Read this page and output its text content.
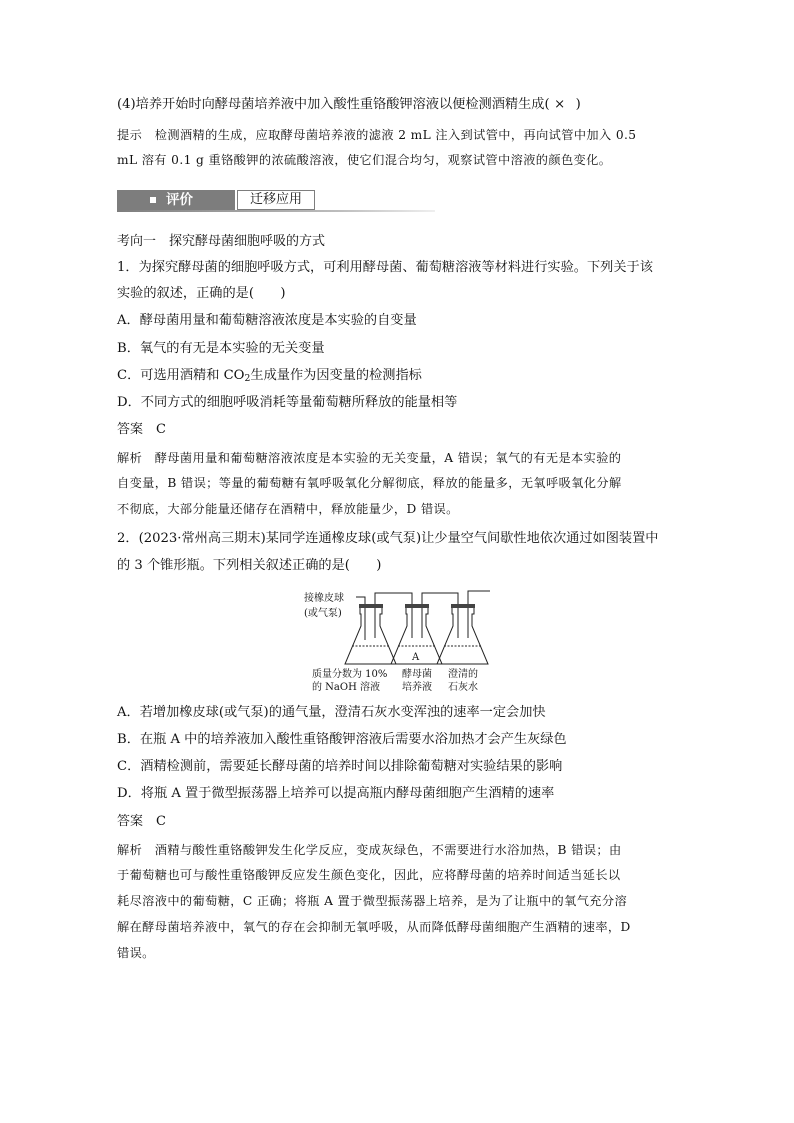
(4)培养开始时向酵母菌培养液中加入酸性重铬酸钾溶液以便检测酒精生成( × )
提示　 检测酒精的生成，应取酵母菌培养液的滤液 2 mL 注入到试管中，再向试管中加入 0.5
mL 溶有 0.1 g 重铬酸钾的浓硫酸溶液，使它们混合均匀，观察试管中溶液的颜色变化。
评价	迁移应用
考向一　探究酵母菌细胞呼吸的方式
1．为探究酵母菌的细胞呼吸方式，可利用酵母菌、葡萄糖溶液等材料进行实验。下列关于该
实验的叙述，正确的是(　　)
A．酵母菌用量和葡萄糖溶液浓度是本实验的自变量
B．氧气的有无是本实验的无关变量
C．可选用酒精和 $CO_2$生成量作为因变量的检测指标
D．不同方式的细胞呼吸消耗等量葡萄糖所释放的能量相等
答案　C
解析　酵母菌用量和葡萄糖溶液浓度是本实验的无关变量，A 错误；氧气的有无是本实验的
自变量，B 错误；等量的葡萄糖有氧呼吸氧化分解彻底，释放的能量多，无氧呼吸氧化分解
不彻底，大部分能量还储存在酒精中，释放能量少，D 错误。
2．(2023·常州高三期末)某同学连通橡皮球(或气泵)让少量空气间歇性地依次通过如图装置中
的 3 个锥形瓶。下列相关叙述正确的是(　　)
接橡皮球
(或气泵)
A
质量分数为 10%
的 NaOH 溶液
酵母菌
培养液
澄清的
石灰水
A．若增加橡皮球(或气泵)的通气量，澄清石灰水变浑浊的速率一定会加快
B．在瓶 A 中的培养液加入酸性重铬酸钾溶液后需要水浴加热才会产生灰绿色
C．酒精检测前，需要延长酵母菌的培养时间以排除葡萄糖对实验结果的影响
D．将瓶 A 置于微型振荡器上培养可以提高瓶内酵母菌细胞产生酒精的速率
答案　C
解析　酒精与酸性重铬酸钾发生化学反应，变成灰绿色，不需要进行水浴加热，B 错误；由
于葡萄糖也可与酸性重铬酸钾反应发生颜色变化，因此，应将酵母菌的培养时间适当延长以
耗尽溶液中的葡萄糖，C 正确；将瓶 A 置于微型振荡器上培养，是为了让瓶中的氧气充分溶
解在酵母菌培养液中，氧气的存在会抑制无氧呼吸，从而降低酵母菌细胞产生酒精的速率，D
错误。
